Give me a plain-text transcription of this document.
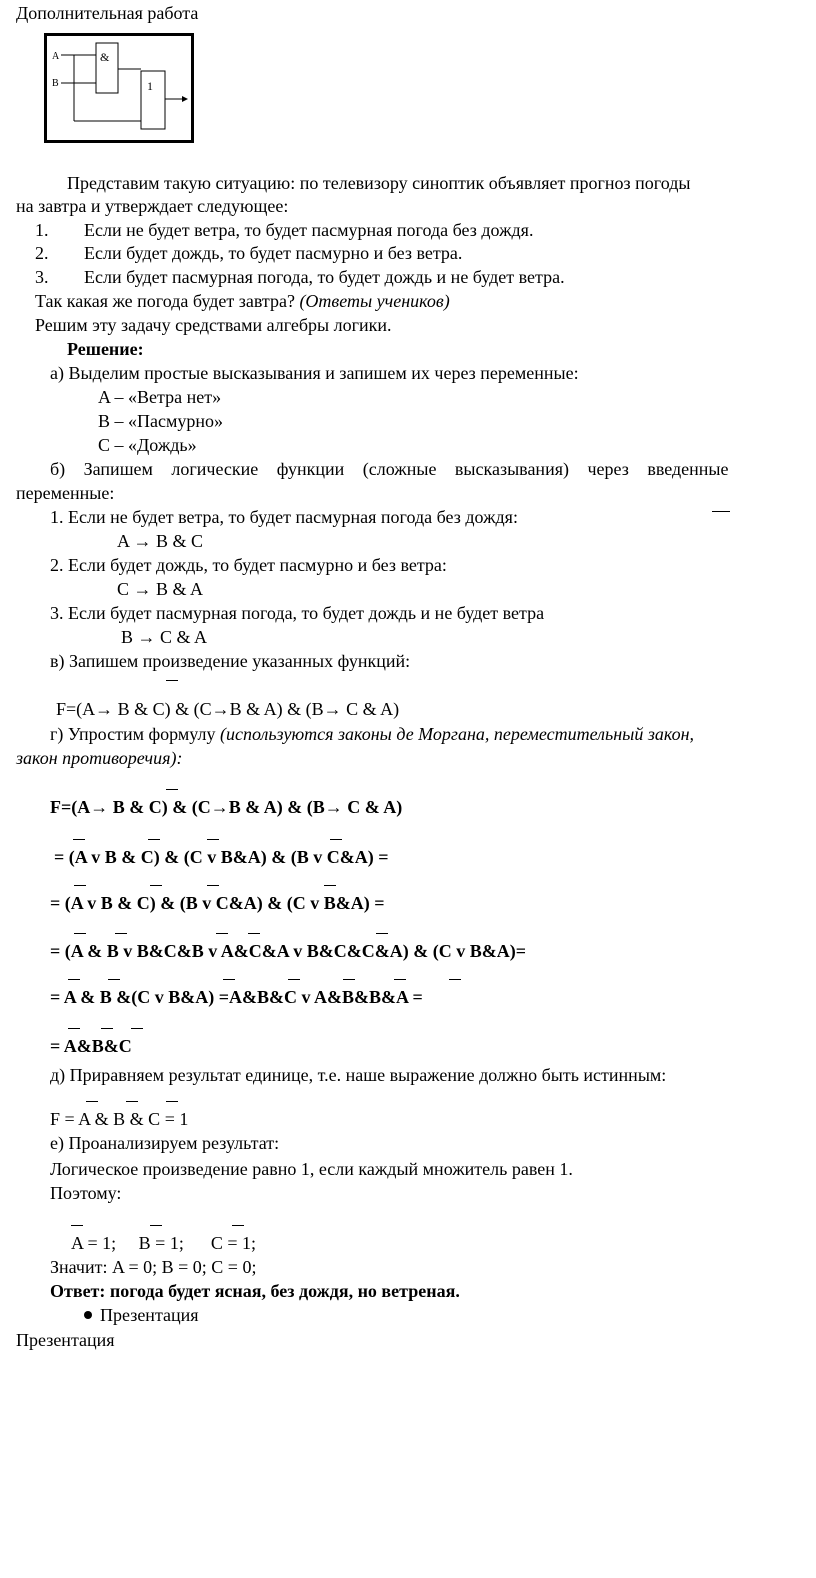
Дополнительная работа
A
B
&
1
Представим такую ситуацию: по телевизору синоптик объявляет прогноз погоды
на завтра и утверждает следующее:
1. Если не будет ветра, то будет пасмурная погода без дождя.
2. Если будет дождь, то будет пасмурно и без ветра.
3. Если будет пасмурная погода, то будет дождь и не будет ветра.
Так какая же погода будет завтра? (Ответы учеников)
Решим эту задачу средствами алгебры логики.
Решение:
а) Выделим простые высказывания и запишем их через переменные:
A – «Ветра нет»
B – «Пасмурно»
C – «Дождь»
б) Запишем логические функции (сложные высказывания) через введенные
переменные:
1. Если не будет ветра, то будет пасмурная погода без дождя:
A → B & C
2. Если будет дождь, то будет пасмурно и без ветра:
C → B & A
3. Если будет пасмурная погода, то будет дождь и не будет ветра
B → C & A
в) Запишем произведение указанных функций:
F=(A→ B & C) & (C→B & A) & (B→ C & A)
г) Упростим формулу (используются законы де Моргана, переместительный закон,
закон противоречия):
F=(A→ B & C) & (C→B & A) & (B→ C & A)
= (A v B & C) & (C v B&A) & (B v C&A) =
= (A v B & C) & (B v C&A) & (C v B&A) =
= (A & B v B&C&B v A&C&A v B&C&C&A) & (C v B&A)=
= A & B &(C v B&A) =A&B&C v A&B&B&A =
= A&B&C
д) Приравняем результат единице, т.е. наше выражение должно быть истинным:
F = A & B & C = 1
е) Проанализируем результат:
Логическое произведение равно 1, если каждый множитель равен 1.
Поэтому:
A = 1;     B = 1;      C = 1;
Значит: A = 0; B = 0; C = 0;
Ответ: погода будет ясная, без дождя, но ветреная.
Презентация
Презентация
